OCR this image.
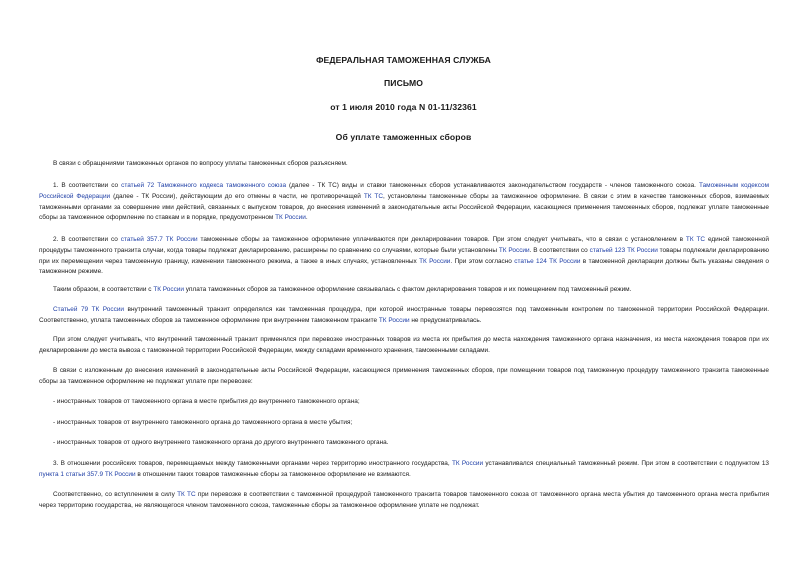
ФЕДЕРАЛЬНАЯ ТАМОЖЕННАЯ СЛУЖБА
ПИСЬМО
от 1 июля 2010 года N 01-11/32361
Об уплате таможенных сборов
В связи с обращениями таможенных органов по вопросу уплаты таможенных сборов разъясняем.
1. В соответствии со статьей 72 Таможенного кодекса таможенного союза (далее - ТК ТС) виды и ставки таможенных сборов устанавливаются законодательством государств - членов таможенного союза. Таможенным кодексом Российской Федерации (далее - ТК России), действующим до его отмены в части, не противоречащей ТК ТС, установлены таможенные сборы за таможенное оформление. В связи с этим в качестве таможенных сборов, взимаемых таможенными органами за совершение ими действий, связанных с выпуском товаров, до внесения изменений в законодательные акты Российской Федерации, касающиеся применения таможенных сборов, подлежат уплате таможенные сборы за таможенное оформление по ставкам и в порядке, предусмотренном ТК России.
2. В соответствии со статьей 357.7 ТК России таможенные сборы за таможенное оформление уплачиваются при декларировании товаров. При этом следует учитывать, что в связи с установлением в ТК ТС единой таможенной процедуры таможенного транзита случаи, когда товары подлежат декларированию, расширены по сравнению со случаями, которые были установлены ТК России. В соответствии со статьей 123 ТК России товары подлежали декларированию при их перемещении через таможенную границу, изменении таможенного режима, а также в иных случаях, установленных ТК России. При этом согласно статье 124 ТК России в таможенной декларации должны быть указаны сведения о таможенном режиме.
Таким образом, в соответствии с ТК России уплата таможенных сборов за таможенное оформление связывалась с фактом декларирования товаров и их помещением под таможенный режим.
Статьей 79 ТК России внутренний таможенный транзит определялся как таможенная процедура, при которой иностранные товары перевозятся под таможенным контролем по таможенной территории Российской Федерации. Соответственно, уплата таможенных сборов за таможенное оформление при внутреннем таможенном транзите ТК России не предусматривалась.
При этом следует учитывать, что внутренний таможенный транзит применялся при перевозке иностранных товаров из места их прибытия до места нахождения таможенного органа назначения, из места нахождения товаров при их декларировании до места вывоза с таможенной территории Российской Федерации, между складами временного хранения, таможенными складами.
В связи с изложенным до внесения изменений в законодательные акты Российской Федерации, касающиеся применения таможенных сборов, при помещении товаров под таможенную процедуру таможенного транзита таможенные сборы за таможенное оформление не подлежат уплате при перевозке:
- иностранных товаров от таможенного органа в месте прибытия до внутреннего таможенного органа;
- иностранных товаров от внутреннего таможенного органа до таможенного органа в месте убытия;
- иностранных товаров от одного внутреннего таможенного органа до другого внутреннего таможенного органа.
3. В отношении российских товаров, перемещаемых между таможенными органами через территорию иностранного государства, ТК России устанавливался специальный таможенный режим. При этом в соответствии с подпунктом 13 пункта 1 статьи 357.9 ТК России в отношении таких товаров таможенные сборы за таможенное оформление не взимаются.
Соответственно, со вступлением в силу ТК ТС при перевозке в соответствии с таможенной процедурой таможенного транзита товаров таможенного союза от таможенного органа места убытия до таможенного органа места прибытия через территорию государства, не являющегося членом таможенного союза, таможенные сборы за таможенное оформление уплате не подлежат.
